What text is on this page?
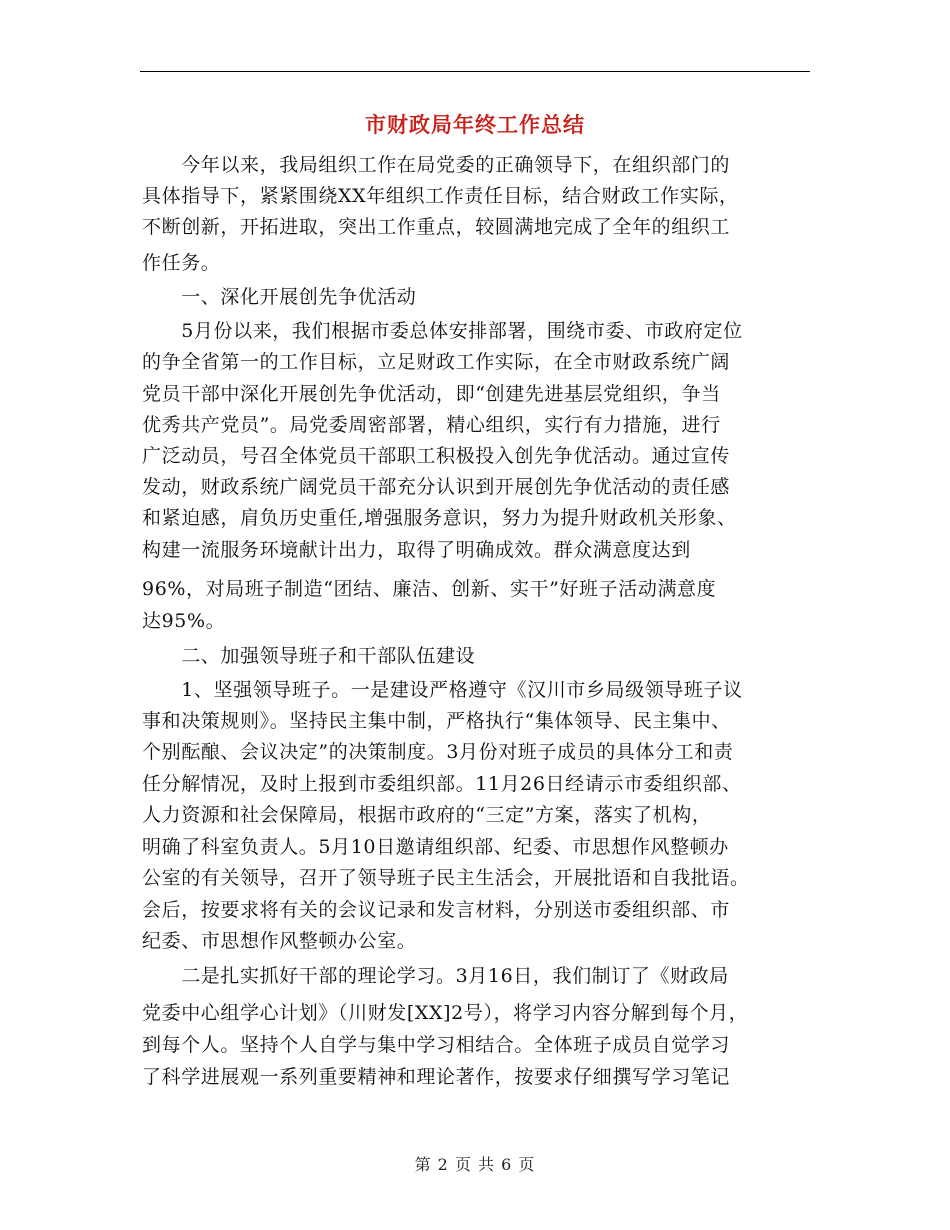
市财政局年终工作总结
　　今年以来，我局组织工作在局党委的正确领导下，在组织部门的
具体指导下，紧紧围绕XX年组织工作责任目标，结合财政工作实际，
不断创新，开拓进取，突出工作重点，较圆满地完成了全年的组织工
作任务。
　　一、深化开展创先争优活动
　　5月份以来，我们根据市委总体安排部署，围绕市委、市政府定位
的争全省第一的工作目标，立足财政工作实际，在全市财政系统广阔
党员干部中深化开展创先争优活动，即“创建先进基层党组织，争当
优秀共产党员”。局党委周密部署，精心组织，实行有力措施，进行
广泛动员，号召全体党员干部职工积极投入创先争优活动。通过宣传
发动，财政系统广阔党员干部充分认识到开展创先争优活动的责任感
和紧迫感，肩负历史重任,增强服务意识，努力为提升财政机关形象、
构建一流服务环境献计出力，取得了明确成效。群众满意度达到
96%，对局班子制造“团结、廉洁、创新、实干”好班子活动满意度
达95%。
　　二、加强领导班子和干部队伍建设
　　1、坚强领导班子。一是建设严格遵守《汉川市乡局级领导班子议
事和决策规则》。坚持民主集中制，严格执行“集体领导、民主集中、
个别酝酿、会议决定”的决策制度。3月份对班子成员的具体分工和责
任分解情况，及时上报到市委组织部。11月26日经请示市委组织部、
人力资源和社会保障局，根据市政府的“三定”方案，落实了机构，
明确了科室负责人。5月10日邀请组织部、纪委、市思想作风整顿办
公室的有关领导，召开了领导班子民主生活会，开展批语和自我批语。
会后，按要求将有关的会议记录和发言材料，分别送市委组织部、市
纪委、市思想作风整顿办公室。
　　二是扎实抓好干部的理论学习。3月16日，我们制订了《财政局
党委中心组学心计划》（川财发[XX]2号），将学习内容分解到每个月，
到每个人。坚持个人自学与集中学习相结合。全体班子成员自觉学习
了科学进展观一系列重要精神和理论著作，按要求仔细撰写学习笔记
第 2 页 共 6 页
